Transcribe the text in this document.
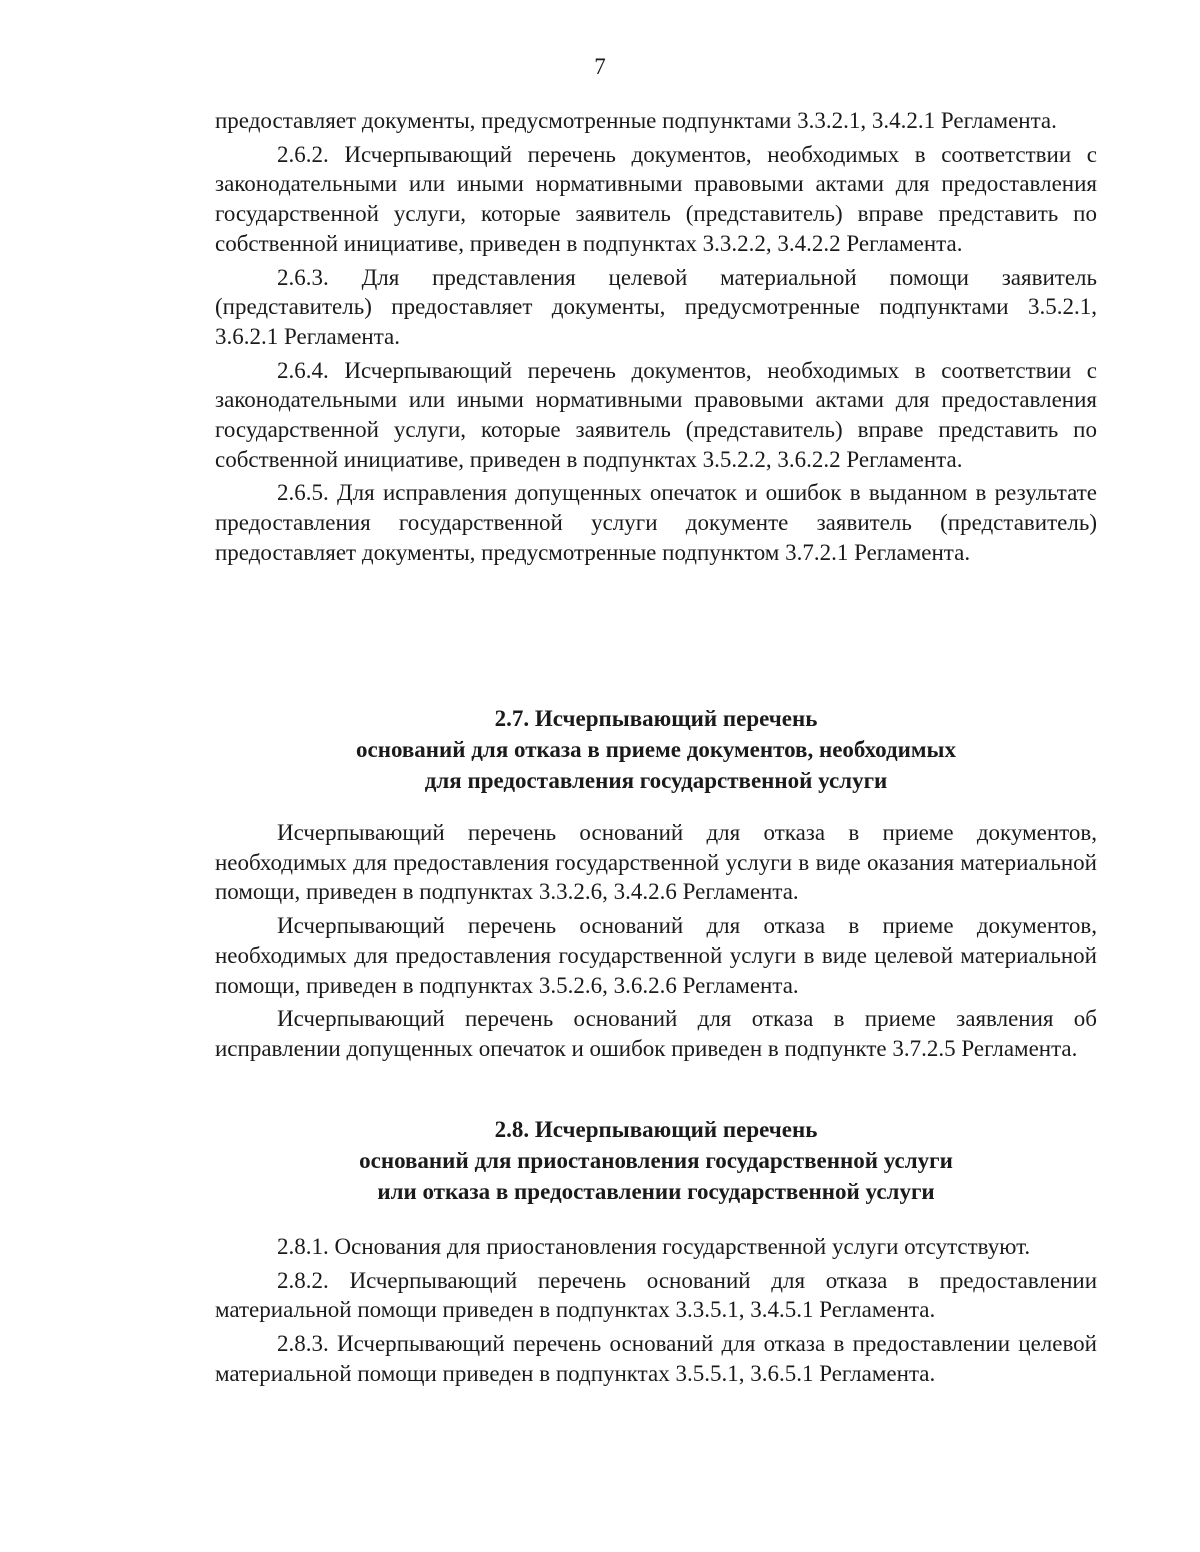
7

предоставляет документы, предусмотренные подпунктами 3.3.2.1, 3.4.2.1 Регламента.

2.6.2. Исчерпывающий перечень документов, необходимых в соответствии с законодательными или иными нормативными правовыми актами для предоставления государственной услуги, которые заявитель (представитель) вправе представить по собственной инициативе, приведен в подпунктах 3.3.2.2, 3.4.2.2 Регламента.

2.6.3. Для представления целевой материальной помощи заявитель (представитель) предоставляет документы, предусмотренные подпунктами 3.5.2.1, 3.6.2.1 Регламента.

2.6.4. Исчерпывающий перечень документов, необходимых в соответствии с законодательными или иными нормативными правовыми актами для предоставления государственной услуги, которые заявитель (представитель) вправе представить по собственной инициативе, приведен в подпунктах 3.5.2.2, 3.6.2.2 Регламента.

2.6.5. Для исправления допущенных опечаток и ошибок в выданном в результате предоставления государственной услуги документе заявитель (представитель) предоставляет документы, предусмотренные подпунктом 3.7.2.1 Регламента.

2.7. Исчерпывающий перечень
оснований для отказа в приеме документов, необходимых
для предоставления государственной услуги

Исчерпывающий перечень оснований для отказа в приеме документов, необходимых для предоставления государственной услуги в виде оказания материальной помощи, приведен в подпунктах 3.3.2.6, 3.4.2.6 Регламента.

Исчерпывающий перечень оснований для отказа в приеме документов, необходимых для предоставления государственной услуги в виде целевой материальной помощи, приведен в подпунктах 3.5.2.6, 3.6.2.6 Регламента.

Исчерпывающий перечень оснований для отказа в приеме заявления об исправлении допущенных опечаток и ошибок приведен в подпункте 3.7.2.5 Регламента.

2.8. Исчерпывающий перечень
оснований для приостановления государственной услуги
или отказа в предоставлении государственной услуги

2.8.1. Основания для приостановления государственной услуги отсутствуют.

2.8.2. Исчерпывающий перечень оснований для отказа в предоставлении материальной помощи приведен в подпунктах 3.3.5.1, 3.4.5.1 Регламента.

2.8.3. Исчерпывающий перечень оснований для отказа в предоставлении целевой материальной помощи приведен в подпунктах 3.5.5.1, 3.6.5.1 Регламента.
